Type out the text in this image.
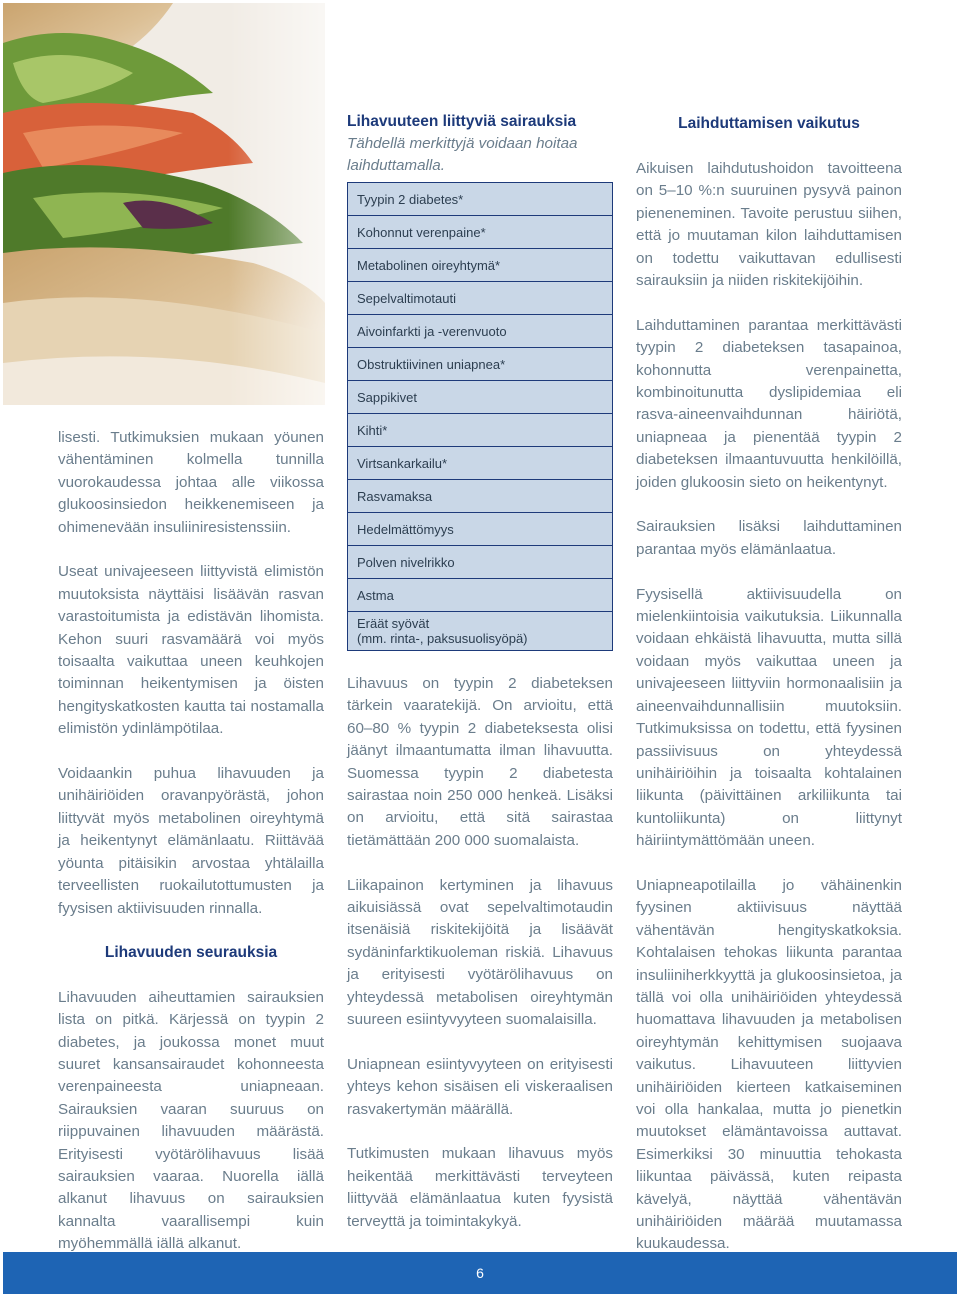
lisesti. Tutkimuksien mukaan yöunen vähentäminen kolmella tunnilla vuorokaudessa johtaa alle viikossa glukoosinsiedon heikkenemiseen ja ohimenevään insuliiniresistenssiin.

Useat univajeeseen liittyvistä elimistön muutoksista näyttäisi lisäävän rasvan varastoitumista ja edistävän lihomista. Kehon suuri rasvamäärä voi myös toisaalta vaikuttaa uneen keuhkojen toiminnan heikentymisen ja öisten hengityskatkosten kautta tai nostamalla elimistön ydinlämpötilaa.

Voidaankin puhua lihavuuden ja unihäiriöiden oravanpyörästä, johon liittyvät myös metabolinen oireyhtymä ja heikentynyt elämänlaatu. Riittävää yöunta pitäisikin arvostaa yhtälailla terveellisten ruokailutottumusten ja fyysisen aktiivisuuden rinnalla.

Lihavuuden seurauksia

Lihavuuden aiheuttamien sairauksien lista on pitkä. Kärjessä on tyypin 2 diabetes, ja joukossa monet muut suuret kansansairaudet kohonneesta verenpaineesta uniapneaan. Sairauksien vaaran suuruus on riippuvainen lihavuuden määrästä. Erityisesti vyötärölihavuus lisää sairauksien vaaraa. Nuorella iällä alkanut lihavuus on sairauksien kannalta vaarallisempi kuin myöhemmällä iällä alkanut.

Lihavuuteen liittyviä sairauksia
Tähdellä merkittyjä voidaan hoitaa laihduttamalla.
Tyypin 2 diabetes*
Kohonnut verenpaine*
Metabolinen oireyhtymä*
Sepelvaltimotauti
Aivoinfarkti ja -verenvuoto
Obstruktiivinen uniapnea*
Sappikivet
Kihti*
Virtsankarkailu*
Rasvamaksa
Hedelmättömyys
Polven nivelrikko
Astma

Eräät syövät
(mm. rinta-, paksusuolisyöpä)

Lihavuus on tyypin 2 diabeteksen tärkein vaaratekijä. On arvioitu, että 60–80 % tyypin 2 diabeteksesta olisi jäänyt ilmaantumatta ilman lihavuutta. Suomessa tyypin 2 diabetesta sairastaa noin 250 000 henkeä. Lisäksi on arvioitu, että sitä sairastaa tietämättään 200 000 suomalaista.

Liikapainon kertyminen ja lihavuus aikuisiässä ovat sepelvaltimotaudin itsenäisiä riskitekijöitä ja lisäävät sydäninfarktikuoleman riskiä. Lihavuus ja erityisesti vyötärölihavuus on yhteydessä metabolisen oireyhtymän suureen esiintyvyyteen suomalaisilla.

Uniapnean esiintyvyyteen on erityisesti yhteys kehon sisäisen eli viskeraalisen rasvakertymän määrällä.

Tutkimusten mukaan lihavuus myös heikentää merkittävästi terveyteen liittyvää elämänlaatua kuten fyysistä terveyttä ja toimintakykyä.

Laihduttamisen vaikutus

Aikuisen laihdutushoidon tavoitteena on 5–10 %:n suuruinen pysyvä painon pieneneminen. Tavoite perustuu siihen, että jo muutaman kilon laihduttamisen on todettu vaikuttavan edullisesti sairauksiin ja niiden riskitekijöihin.

Laihduttaminen parantaa merkittävästi tyypin 2 diabeteksen tasapainoa, kohonnutta verenpainetta, kombinoitunutta dyslipidemiaa eli rasva-aineenvaihdunnan häiriötä, uniapneaa ja pienentää tyypin 2 diabeteksen ilmaantuvuutta henkilöillä, joiden glukoosin sieto on heikentynyt.

Sairauksien lisäksi laihduttaminen parantaa myös elämänlaatua.

Fyysisellä aktiivisuudella on mielenkiintoisia vaikutuksia. Liikunnalla voidaan ehkäistä lihavuutta, mutta sillä voidaan myös vaikuttaa uneen ja univajeeseen liittyviin hormonaalisiin ja aineenvaihdunnallisiin muutoksiin. Tutkimuksissa on todettu, että fyysinen passiivisuus on yhteydessä unihäiriöihin ja toisaalta kohtalainen liikunta (päivittäinen arkiliikunta tai kuntoliikunta) on liittynyt häiriintymättömään uneen.

Uniapneapotilailla jo vähäinenkin fyysinen aktiivisuus näyttää vähentävän hengityskatkoksia. Kohtalaisen tehokas liikunta parantaa insuliiniherkkyyttä ja glukoosinsietoa, ja tällä voi olla unihäiriöiden yhteydessä huomattava lihavuuden ja metabolisen oireyhtymän kehittymisen suojaava vaikutus. Lihavuuteen liittyvien unihäiriöiden kierteen katkaiseminen voi olla hankalaa, mutta jo pienetkin muutokset elämäntavoissa auttavat. Esimerkiksi 30 minuuttia tehokasta liikuntaa päivässä, kuten reipasta kävelyä, näyttää vähentävän unihäiriöiden määrää muutamassa kuukaudessa.

6
